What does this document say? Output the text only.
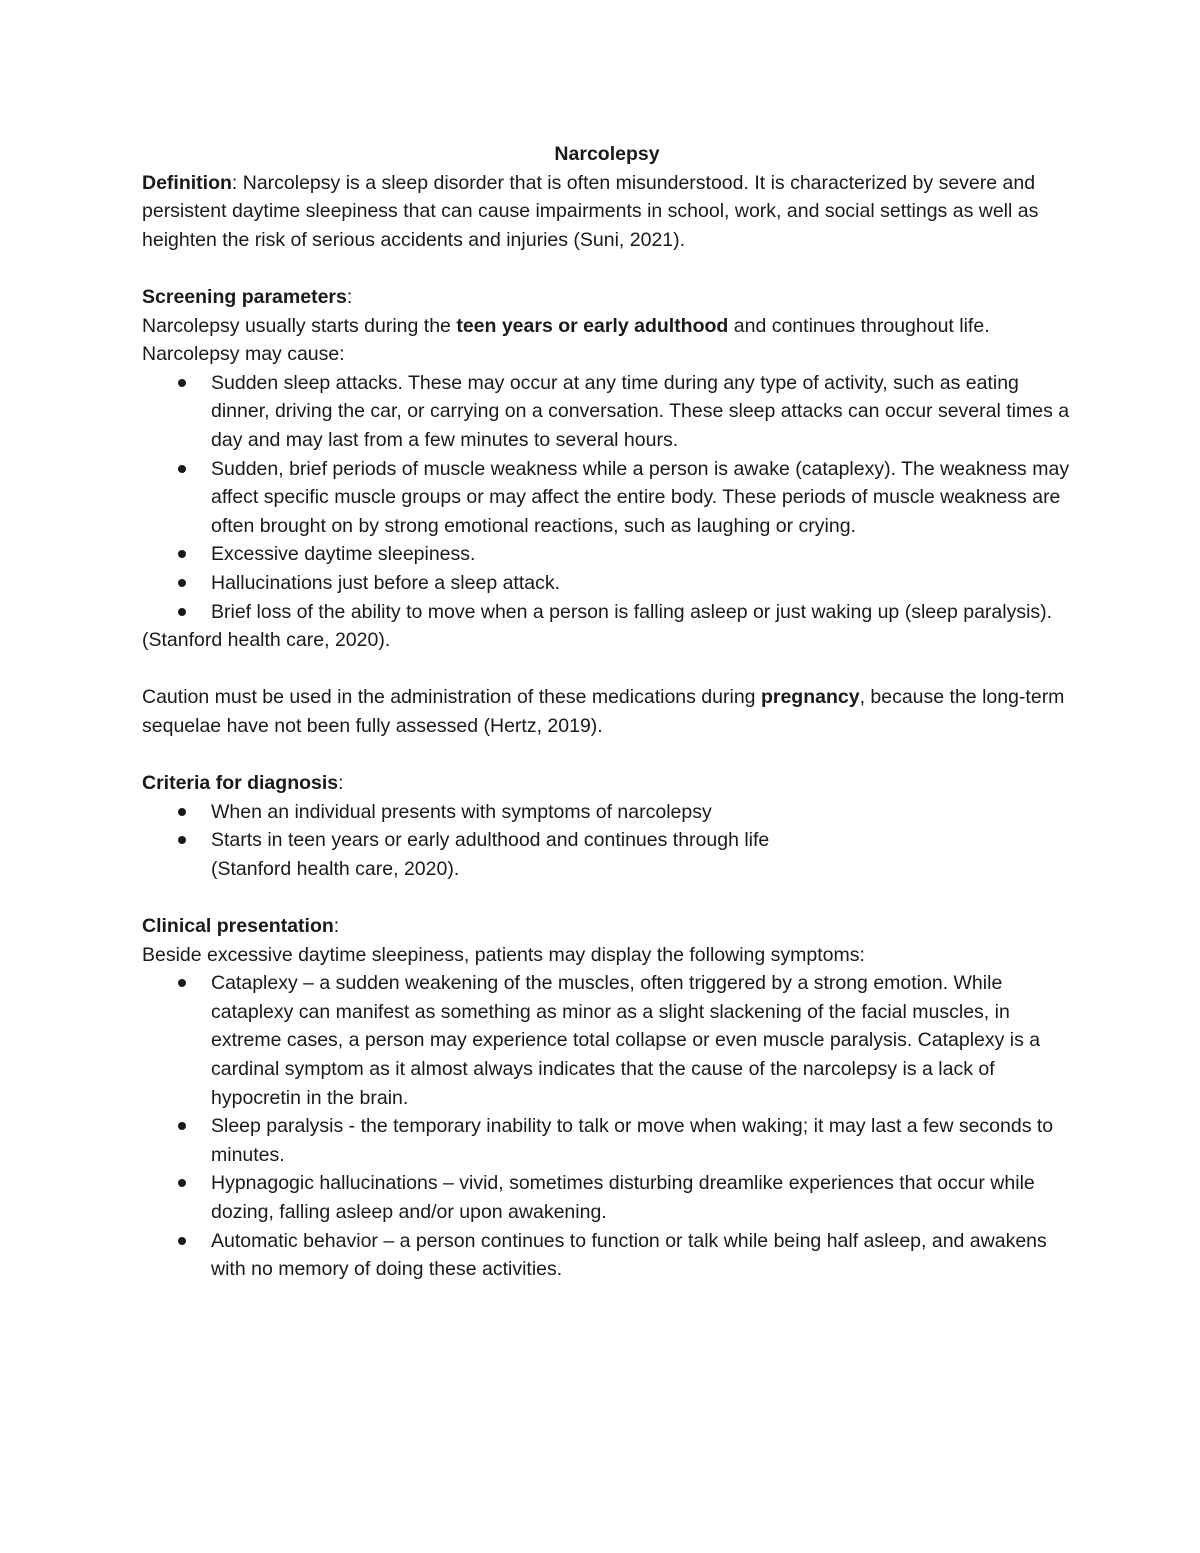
Narcolepsy

Definition: Narcolepsy is a sleep disorder that is often misunderstood. It is characterized by severe and persistent daytime sleepiness that can cause impairments in school, work, and social settings as well as heighten the risk of serious accidents and injuries (Suni, 2021).

Screening parameters:

Narcolepsy usually starts during the teen years or early adulthood and continues throughout life.

Narcolepsy may cause:

Sudden sleep attacks. These may occur at any time during any type of activity, such as eating dinner, driving the car, or carrying on a conversation. These sleep attacks can occur several times a day and may last from a few minutes to several hours.
Sudden, brief periods of muscle weakness while a person is awake (cataplexy). The weakness may affect specific muscle groups or may affect the entire body. These periods of muscle weakness are often brought on by strong emotional reactions, such as laughing or crying.
Excessive daytime sleepiness.
Hallucinations just before a sleep attack.
Brief loss of the ability to move when a person is falling asleep or just waking up (sleep paralysis).

(Stanford health care, 2020).

Caution must be used in the administration of these medications during pregnancy, because the long-term sequelae have not been fully assessed (Hertz, 2019).

Criteria for diagnosis:

When an individual presents with symptoms of narcolepsy
Starts in teen years or early adulthood and continues through life

(Stanford health care, 2020).

Clinical presentation:

Beside excessive daytime sleepiness, patients may display the following symptoms:

Cataplexy – a sudden weakening of the muscles, often triggered by a strong emotion. While cataplexy can manifest as something as minor as a slight slackening of the facial muscles, in extreme cases, a person may experience total collapse or even muscle paralysis. Cataplexy is a cardinal symptom as it almost always indicates that the cause of the narcolepsy is a lack of hypocretin in the brain.
Sleep paralysis - the temporary inability to talk or move when waking; it may last a few seconds to minutes.
Hypnagogic hallucinations – vivid, sometimes disturbing dreamlike experiences that occur while dozing, falling asleep and/or upon awakening.
Automatic behavior – a person continues to function or talk while being half asleep, and awakens with no memory of doing these activities.
